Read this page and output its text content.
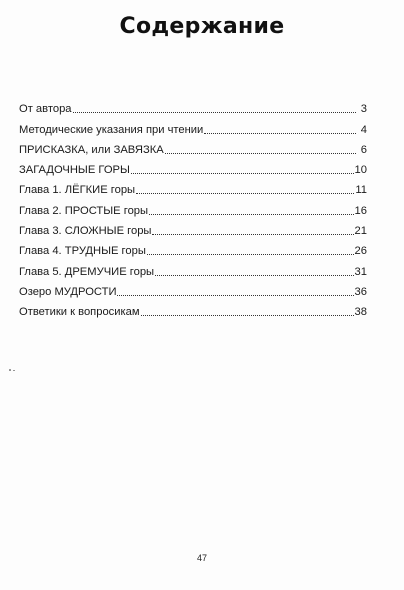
Содержание
От автора	3
Методические указания при чтении	4
ПРИСКАЗКА, или ЗАВЯЗКА	6
ЗАГАДОЧНЫЕ ГОРЫ	10
Глава 1. ЛЁГКИЕ горы	11
Глава 2. ПРОСТЫЕ горы	16
Глава 3. СЛОЖНЫЕ горы	21
Глава 4. ТРУДНЫЕ горы	26
Глава 5. ДРЕМУЧИЕ горы	31
Озеро МУДРОСТИ	36
Ответики к вопросикам	38
47
